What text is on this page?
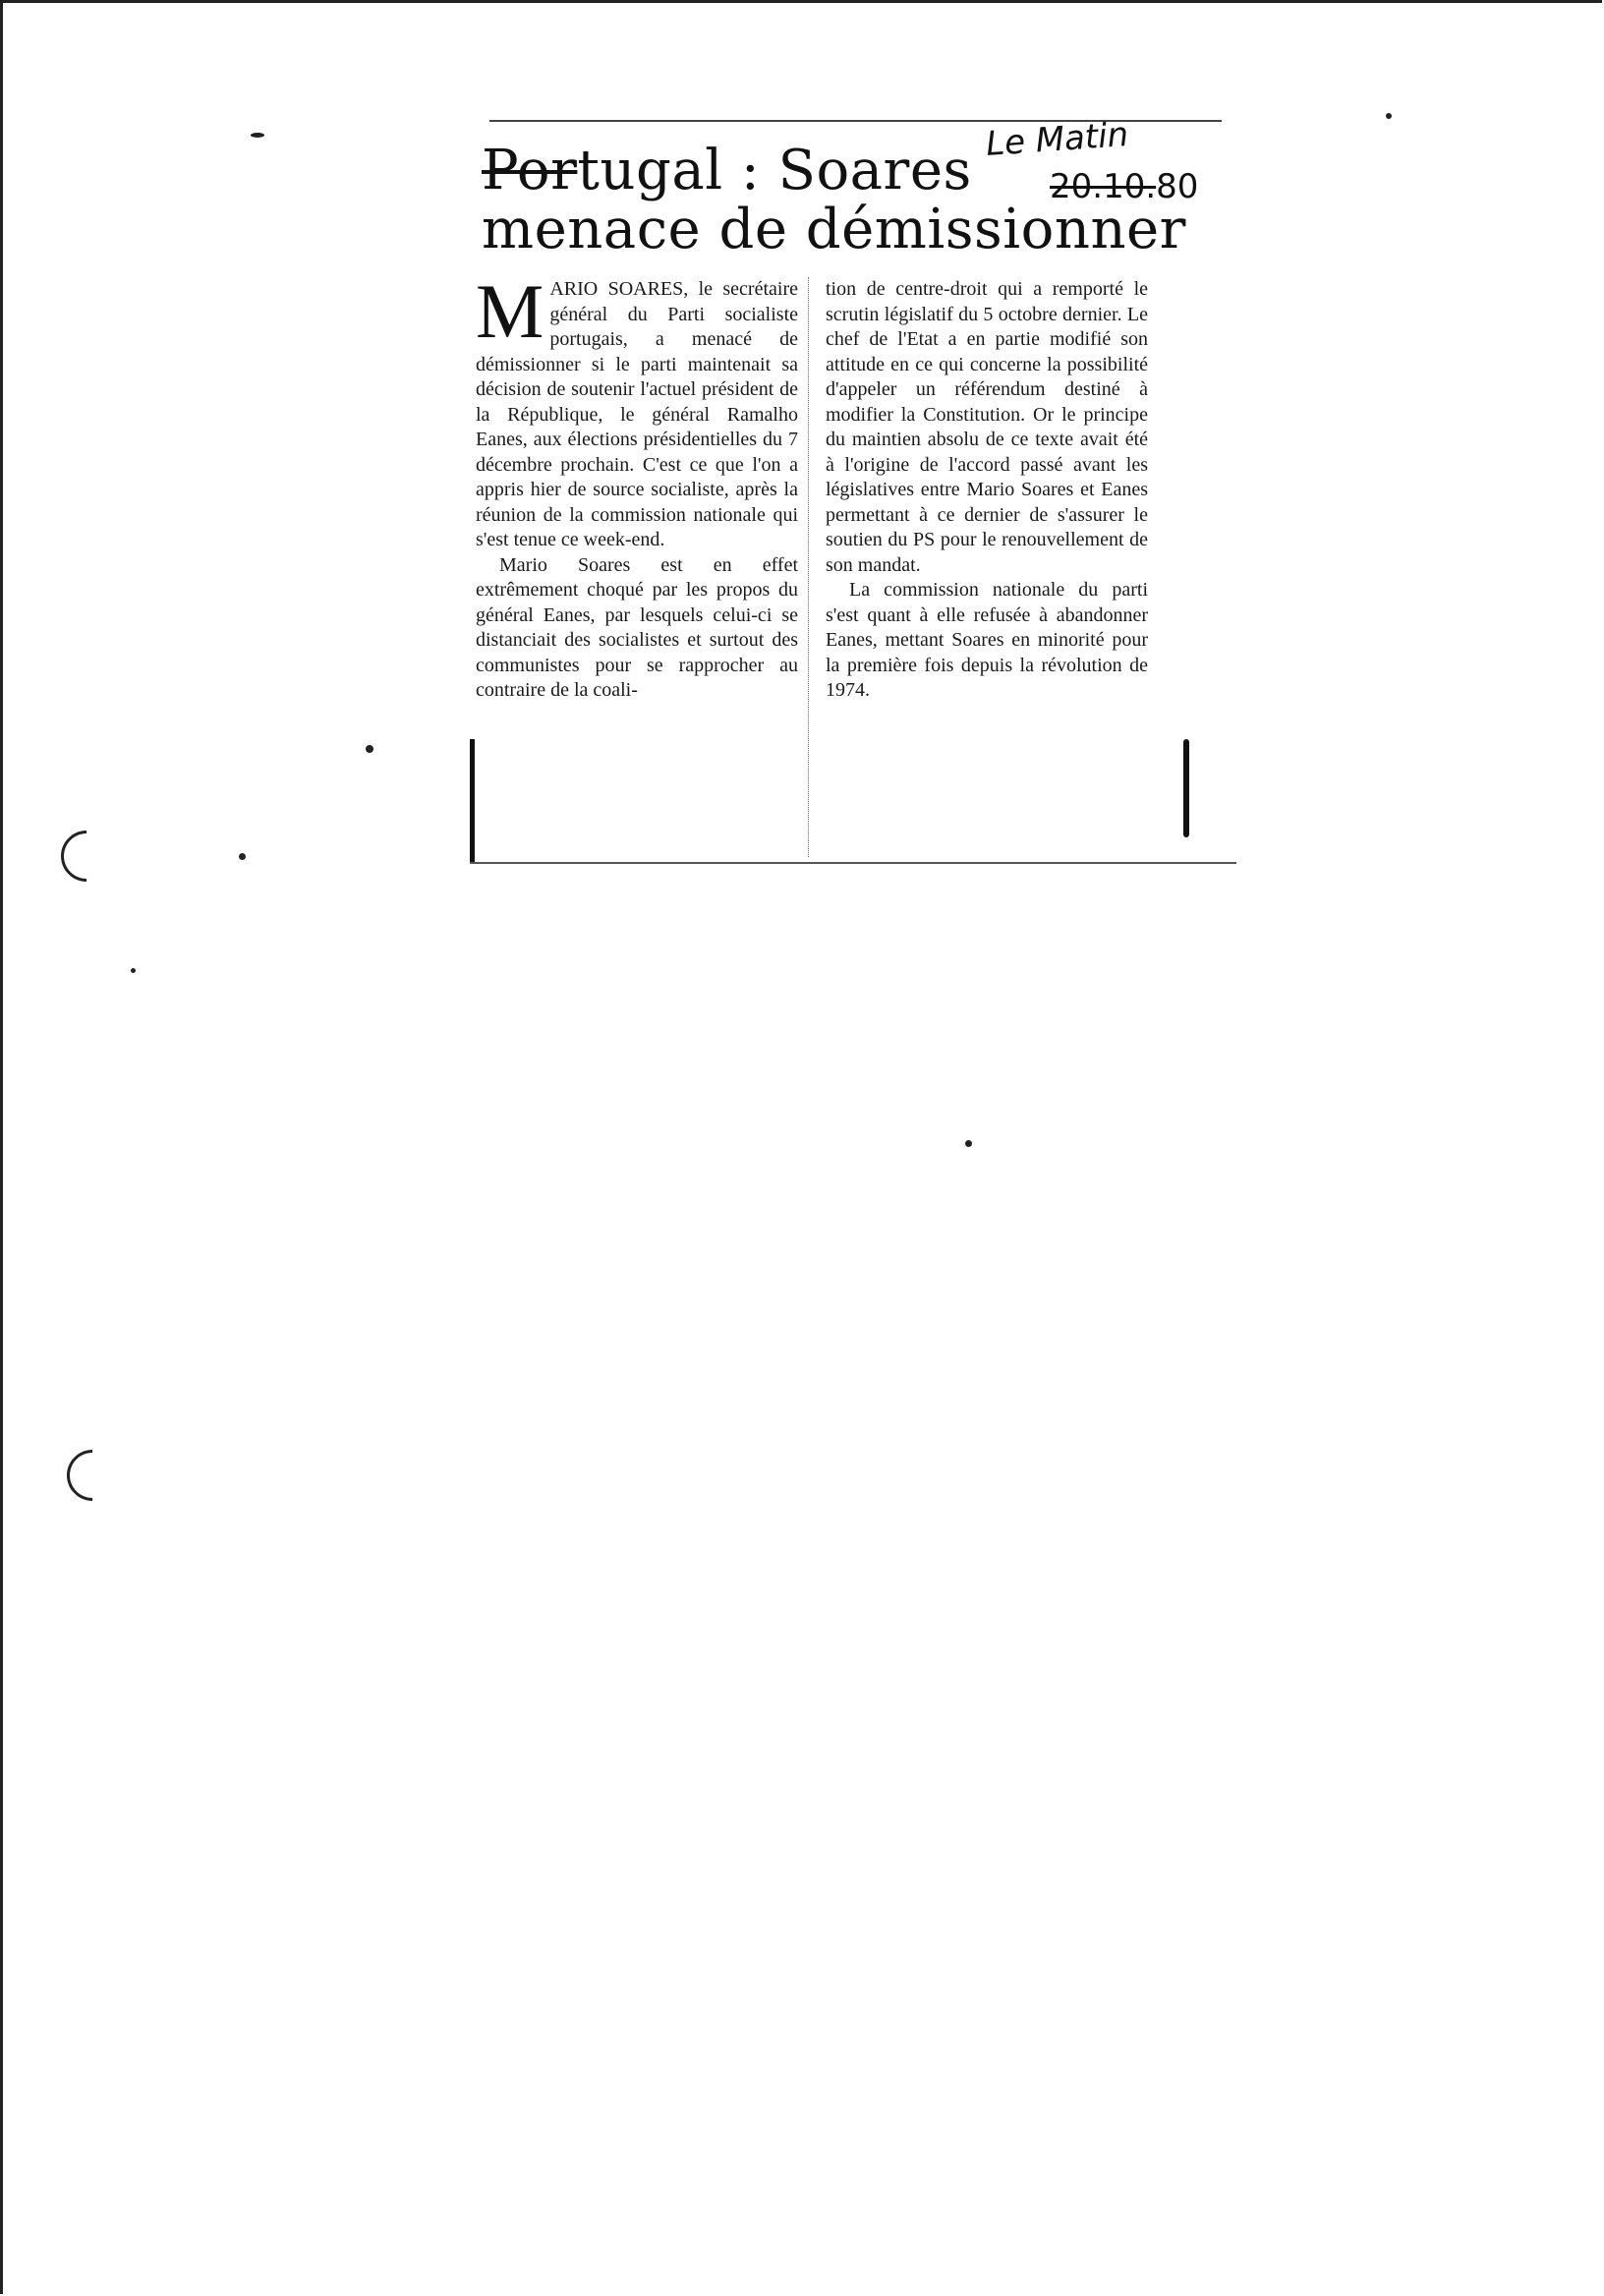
Portugal : Soares
menace de démissionner
Le Matin
20.10.80

MARIO SOARES, le secrétaire général du Parti socialiste portugais, a menacé de démissionner si le parti maintenait sa décision de soutenir l'actuel président de la République, le général Ramalho Eanes, aux élections présidentielles du 7 décembre prochain. C'est ce que l'on a appris hier de source socialiste, après la réunion de la commission nationale qui s'est tenue ce week-end.

Mario Soares est en effet extrêmement choqué par les propos du général Eanes, par lesquels celui-ci se distanciait des socialistes et surtout des communistes pour se rapprocher au contraire de la coali-

tion de centre-droit qui a remporté le scrutin législatif du 5 octobre dernier. Le chef de l'Etat a en partie modifié son attitude en ce qui concerne la possibilité d'appeler un référendum destiné à modifier la Constitution. Or le principe du maintien absolu de ce texte avait été à l'origine de l'accord passé avant les législatives entre Mario Soares et Eanes permettant à ce dernier de s'assurer le soutien du PS pour le renouvellement de son mandat.

La commission nationale du parti s'est quant à elle refusée à abandonner Eanes, mettant Soares en minorité pour la première fois depuis la révolution de 1974.
